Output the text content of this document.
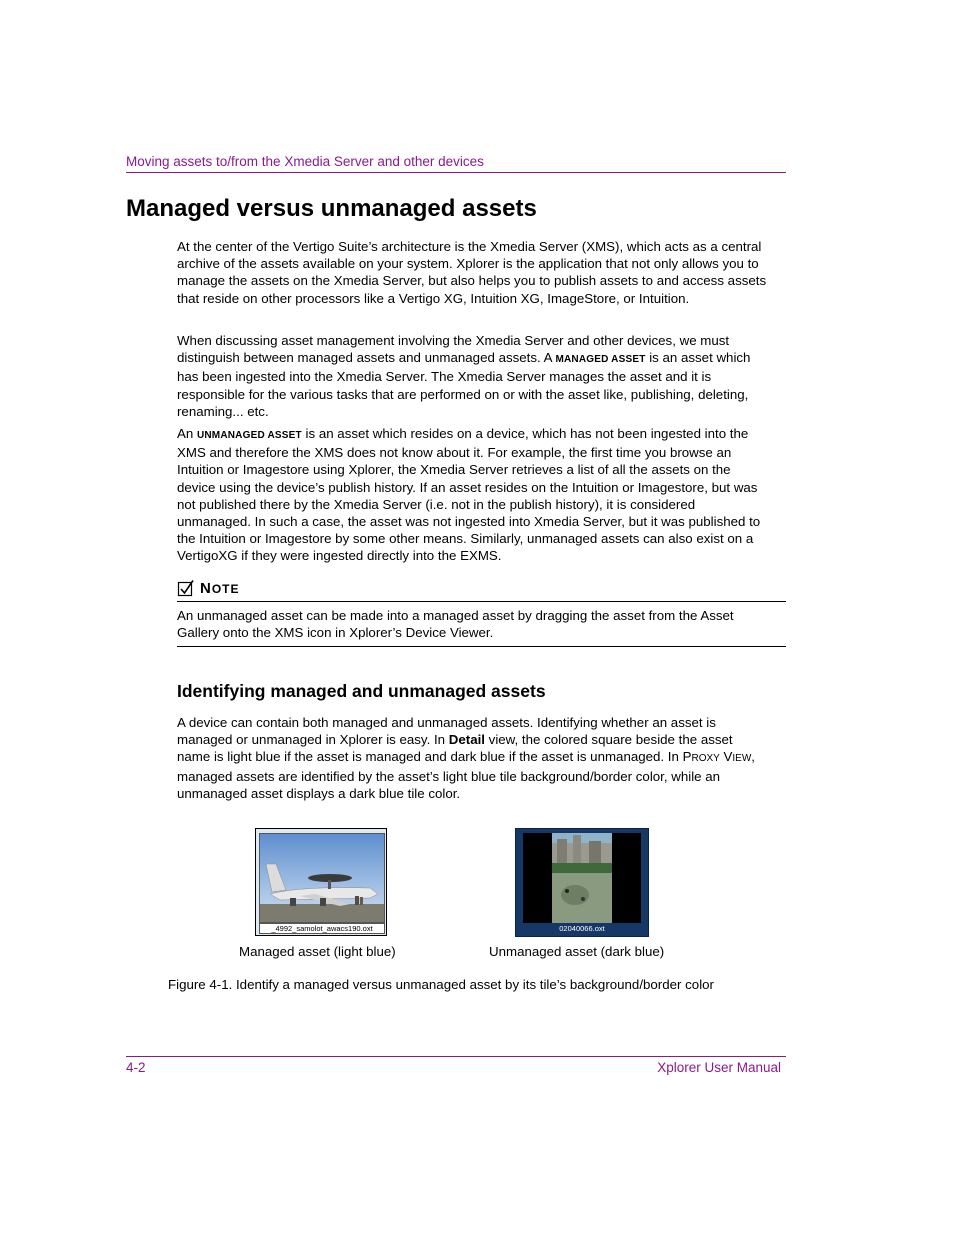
Moving assets to/from the Xmedia Server and other devices
Managed versus unmanaged assets

At the center of the Vertigo Suite’s architecture is the Xmedia Server (XMS), which acts as a central archive of the assets available on your system. Xplorer is the application that not only allows you to manage the assets on the Xmedia Server, but also helps you to publish assets to and access assets that reside on other processors like a Vertigo XG, Intuition XG, ImageStore, or Intuition.

When discussing asset management involving the Xmedia Server and other devices, we must distinguish between managed assets and unmanaged assets. A MANAGED ASSET is an asset which has been ingested into the Xmedia Server. The Xmedia Server manages the asset and it is responsible for the various tasks that are performed on or with the asset like, publishing, deleting, renaming... etc.

An UNMANAGED ASSET is an asset which resides on a device, which has not been ingested into the XMS and therefore the XMS does not know about it. For example, the first time you browse an Intuition or Imagestore using Xplorer, the Xmedia Server retrieves a list of all the assets on the device using the device’s publish history. If an asset resides on the Intuition or Imagestore, but was not published there by the Xmedia Server (i.e. not in the publish history), it is considered unmanaged. In such a case, the asset was not ingested into Xmedia Server, but it was published to the Intuition or Imagestore by some other means. Similarly, unmanaged assets can also exist on a VertigoXG if they were ingested directly into the EXMS.

NOTE

An unmanaged asset can be made into a managed asset by dragging the asset from the Asset Gallery onto the XMS icon in Xplorer’s Device Viewer.

Identifying managed and unmanaged assets

A device can contain both managed and unmanaged assets. Identifying whether an asset is managed or unmanaged in Xplorer is easy. In Detail view, the colored square beside the asset name is light blue if the asset is managed and dark blue if the asset is unmanaged. In PROXY VIEW, managed assets are identified by the asset’s light blue tile background/border color, while an unmanaged asset displays a dark blue tile color.

_4992_samolot_awacs190.oxt	02040066.oxt
Managed asset (light blue)	Unmanaged asset (dark blue)
Figure 4-1. Identify a managed versus unmanaged asset by its tile’s background/border color
4-2	Xplorer User Manual
